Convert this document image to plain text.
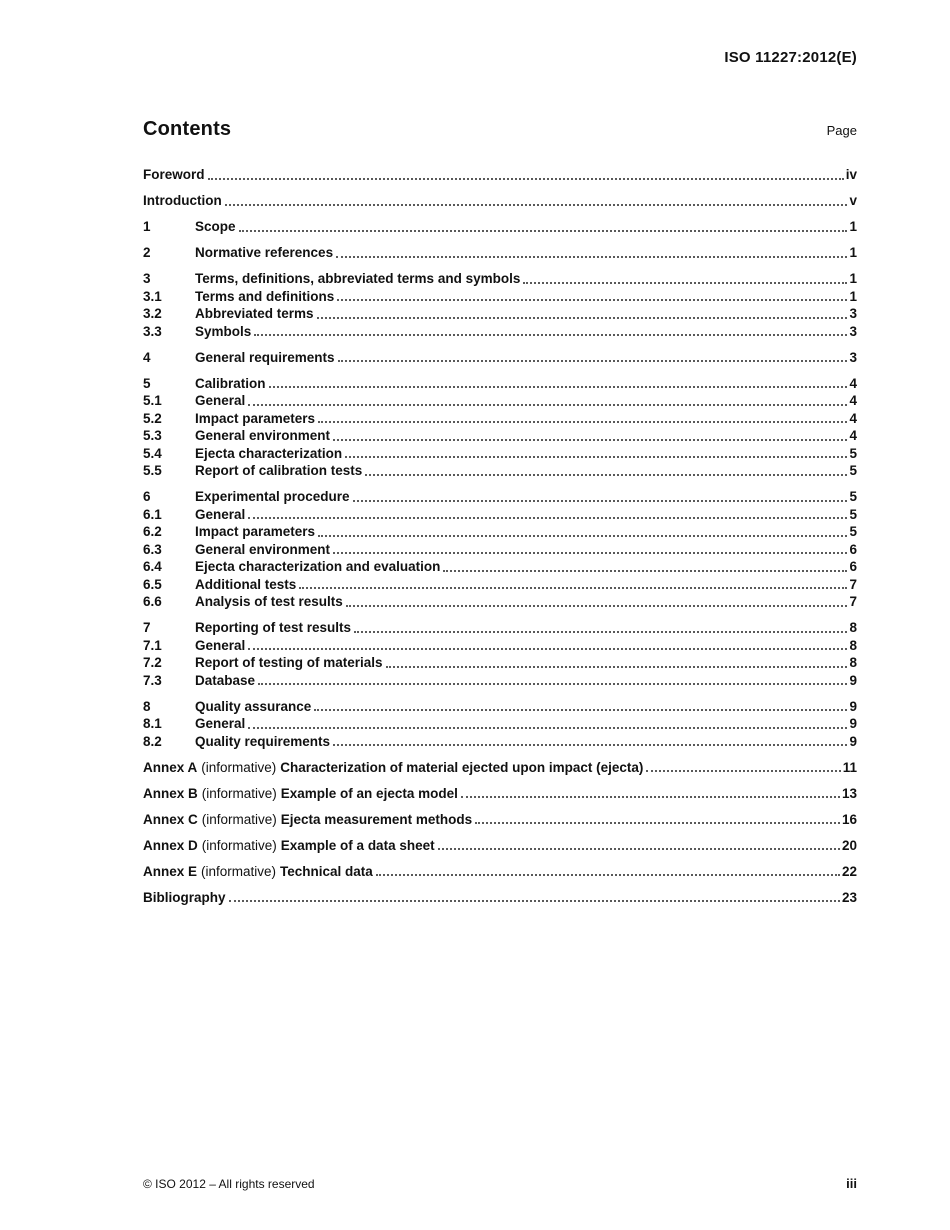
ISO 11227:2012(E)
Contents	Page
Foreword	iv
Introduction	v
1	Scope	1
2	Normative references	1
3	Terms, definitions, abbreviated terms and symbols	1
3.1	Terms and definitions	1
3.2	Abbreviated terms	3
3.3	Symbols	3
4	General requirements	3
5	Calibration	4
5.1	General	4
5.2	Impact parameters	4
5.3	General environment	4
5.4	Ejecta characterization	5
5.5	Report of calibration tests	5
6	Experimental procedure	5
6.1	General	5
6.2	Impact parameters	5
6.3	General environment	6
6.4	Ejecta characterization and evaluation	6
6.5	Additional tests	7
6.6	Analysis of test results	7
7	Reporting of test results	8
7.1	General	8
7.2	Report of testing of materials	8
7.3	Database	9
8	Quality assurance	9
8.1	General	9
8.2	Quality requirements	9
Annex A (informative) Characterization of material ejected upon impact (ejecta)	11
Annex B (informative) Example of an ejecta model	13
Annex C (informative) Ejecta measurement methods	16
Annex D (informative) Example of a data sheet	20
Annex E (informative) Technical data	22
Bibliography	23
© ISO 2012 – All rights reserved	iii
